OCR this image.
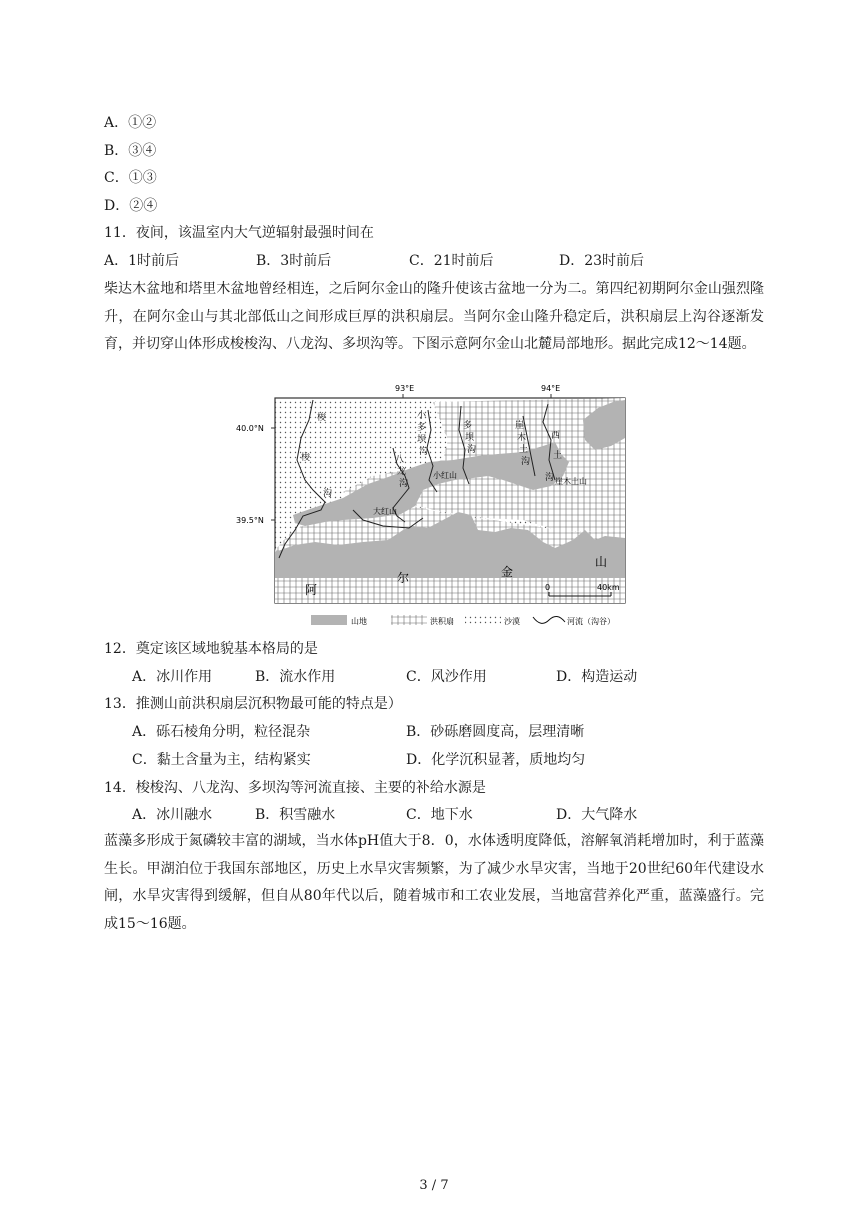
A．①②
B．③④
C．①③
D．②④
11．夜间，该温室内大气逆辐射最强时间在
A．1时前后	B．3时前后	C．21时前后	D．23时前后
柴达木盆地和塔里木盆地曾经相连，之后阿尔金山的隆升使该古盆地一分为二。第四纪初期阿尔金山强烈隆升，在阿尔金山与其北部低山之间形成巨厚的洪积扇层。当阿尔金山隆升稳定后，洪积扇层上沟谷逐渐发育，并切穿山体形成梭梭沟、八龙沟、多坝沟等。下图示意阿尔金山北麓局部地形。据此完成12～14题。
93°E	94°E
40.0°N
39.5°N
梭
梭
沟
八
龙
沟
小
多
坝
沟
多
坝
沟
崖
木
土
沟
西
土
沟
小红山
大红山
崖木土山
阿
尔	金
山
0	40km
山地	洪积扇	沙漠	河流（沟谷）
12．奠定该区域地貌基本格局的是
A．冰川作用	B．流水作用	C．风沙作用	D．构造运动
13．推测山前洪积扇层沉积物最可能的特点是）
A．砾石棱角分明，粒径混杂	B．砂砾磨圆度高，层理清晰
C．黏土含量为主，结构紧实	D．化学沉积显著，质地均匀
14．梭梭沟、八龙沟、多坝沟等河流直接、主要的补给水源是
A．冰川融水	B．积雪融水	C．地下水	D．大气降水
蓝藻多形成于氮磷较丰富的湖域，当水体pH值大于8．0，水体透明度降低，溶解氧消耗增加时，利于蓝藻生长。甲湖泊位于我国东部地区，历史上水旱灾害频繁，为了减少水旱灾害，当地于20世纪60年代建设水闸，水旱灾害得到缓解，但自从80年代以后，随着城市和工农业发展，当地富营养化严重，蓝藻盛行。完成15～16题。
3 / 7
